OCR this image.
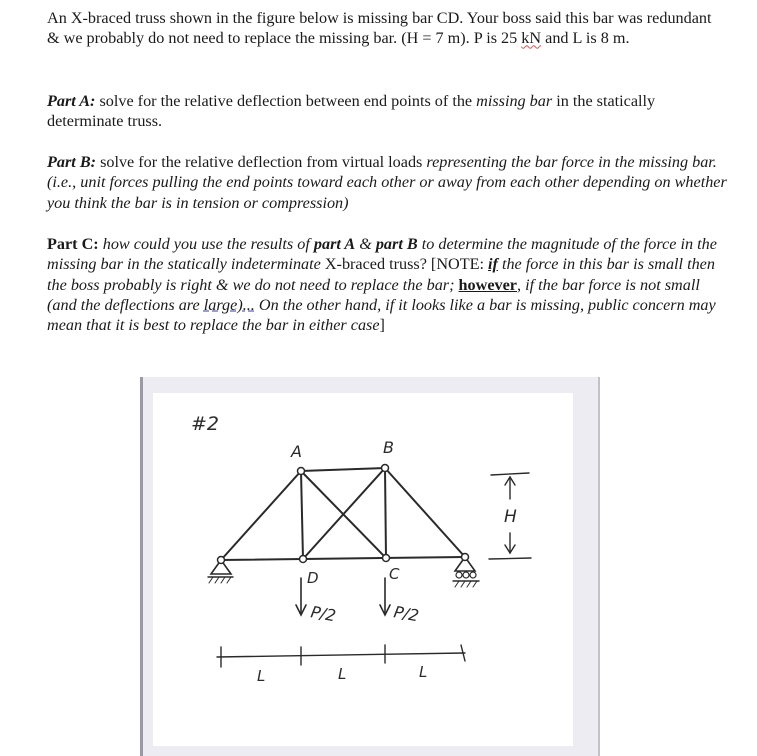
An X-braced truss shown in the figure below is missing bar CD. Your boss said this bar was redundant & we probably do not need to replace the missing bar. (H = 7 m). P is 25 kN and L is 8 m.

Part A: solve for the relative deflection between end points of the missing bar in the statically determinate truss.

Part B: solve for the relative deflection from virtual loads representing the bar force in the missing bar. (i.e., unit forces pulling the end points toward each other or away from each other depending on whether you think the bar is in tension or compression)

Part C: how could you use the results of part A & part B to determine the magnitude of the force in the missing bar in the statically indeterminate X-braced truss? [NOTE: if the force in this bar is small then the boss probably is right & we do not need to replace the bar; however, if the bar force is not small (and the deflections are large)... On the other hand, if it looks like a bar is missing, public concern may mean that it is best to replace the bar in either case]

#2
A	B
D	C
P/2	P/2
H
L	L	L
